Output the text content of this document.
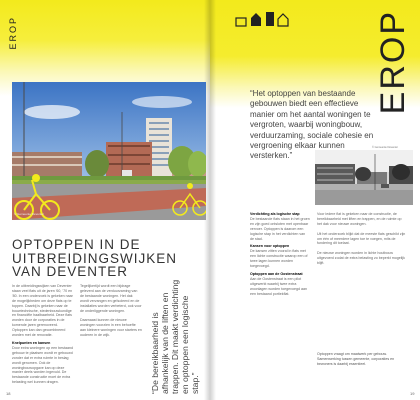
EROP
© Gemeente Deventer
OPTOPPEN IN DE
UITBREIDINGSWIJKEN
VAN DEVENTER
In de uitbreidingswijken van Deventer staan veel flats uit de jaren '60, '70 en '80. In een onderzoek is gekeken naar de mogelijkheden om deze flats op te toppen. Daarbij is gekeken naar de bouwtechnische, stedenbouwkundige en financiële haalbaarheid. Deze flats worden door de corporaties in de komende jaren gerenoveerd. Optoppen kan dan gecombineerd worden met de renovatie.
Knelpunten en kansen
Door extra woningen op een bestaand gebouw te plaatsen wordt er gebouwd zonder dat er extra ruimte in beslag wordt genomen. Ook de woningbouwopgave kan op deze manier deels worden ingevuld. De bestaande constructie moet de extra belasting wel kunnen dragen.
Tegelijkertijd wordt een bijdrage geleverd aan de verduurzaming van de bestaande woningen. Het dak wordt vervangen en geïsoleerd en de installaties worden verbeterd, ook voor de onderliggende woningen.

Daarnaast kunnen de nieuwe woningen voorzien in een behoefte aan kleinere woningen voor starters en ouderen in de wijk.	“De bereikbaarheid is afhankelijk van de liften en trappen. Dit maakt verdichting en optoppen een logische stap.”
18
EROP
“Het optoppen van bestaande gebouwen biedt een effectieve manier om het aantal woningen te vergroten, waarbij woningbouw, verduurzaming, sociale cohesie en vergroening elkaar kunnen versterken.”
© Gemeente Deventer
Verdichting als logische stap
De bestaande flats staan in het groen en zijn goed ontsloten met openbaar vervoer. Optoppen is daarom een logische stap in het verdichten van de stad.
Kansen voor optoppen
De kansen zitten vooral in flats met een lichte constructie waarop een of twee lagen kunnen worden toegevoegd.
Optoppen aan de Oostenstraat
Aan de Oostenstraat is een pilot uitgewerkt waarbij twee extra woonlagen worden toegevoegd aan een bestaand portiekflat.
Voor iedere flat is gekeken naar de constructie, de bereikbaarheid met liften en trappen, en de ruimte op het dak voor nieuwe woningen.

Uit het onderzoek blijkt dat de meeste flats geschikt zijn om één of meerdere lagen toe te voegen, mits de fundering dit toelaat.

De nieuwe woningen worden in lichte houtbouw uitgevoerd zodat de extra belasting zo beperkt mogelijk blijft.
Optoppen vraagt om maatwerk per gebouw. Samenwerking tussen gemeente, corporaties en bewoners is daarbij essentieel.
19
